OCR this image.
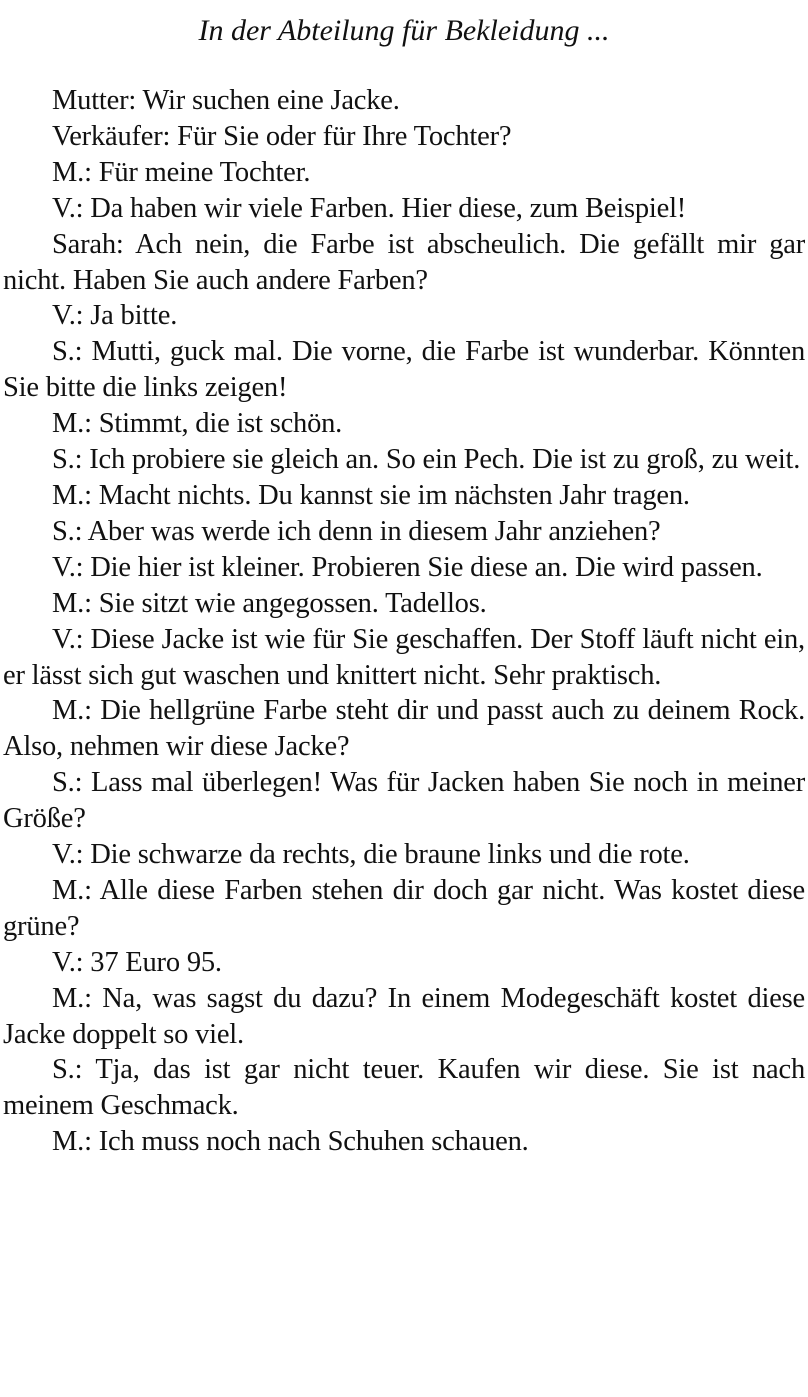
In der Abteilung für Bekleidung ...

Mutter: Wir suchen eine Jacke.

Verkäufer: Für Sie oder für Ihre Tochter?

M.: Für meine Tochter.

V.: Da haben wir viele Farben. Hier diese, zum Beispiel!

Sarah: Ach nein, die Farbe ist abscheulich. Die gefällt mir gar nicht. Haben Sie auch andere Farben?

V.: Ja bitte.

S.: Mutti, guck mal. Die vorne, die Farbe ist wunderbar. Könnten Sie bitte die links zeigen!

M.: Stimmt, die ist schön.

S.: Ich probiere sie gleich an. So ein Pech. Die ist zu groß, zu weit.

M.: Macht nichts. Du kannst sie im nächsten Jahr tragen.

S.: Aber was werde ich denn in diesem Jahr anziehen?

V.: Die hier ist kleiner. Probieren Sie diese an. Die wird passen.

M.: Sie sitzt wie angegossen. Tadellos.

V.: Diese Jacke ist wie für Sie geschaffen. Der Stoff läuft nicht ein, er lässt sich gut waschen und knittert nicht. Sehr praktisch.

M.: Die hellgrüne Farbe steht dir und passt auch zu deinem Rock. Also, nehmen wir diese Jacke?

S.: Lass mal überlegen! Was für Jacken haben Sie noch in meiner Größe?

V.: Die schwarze da rechts, die braune links und die rote.

M.: Alle diese Farben stehen dir doch gar nicht. Was kostet diese grüne?

V.: 37 Euro 95.

M.: Na, was sagst du dazu? In einem Modegeschäft kostet diese Jacke doppelt so viel.

S.: Tja, das ist gar nicht teuer. Kaufen wir diese. Sie ist nach meinem Geschmack.

M.: Ich muss noch nach Schuhen schauen.
